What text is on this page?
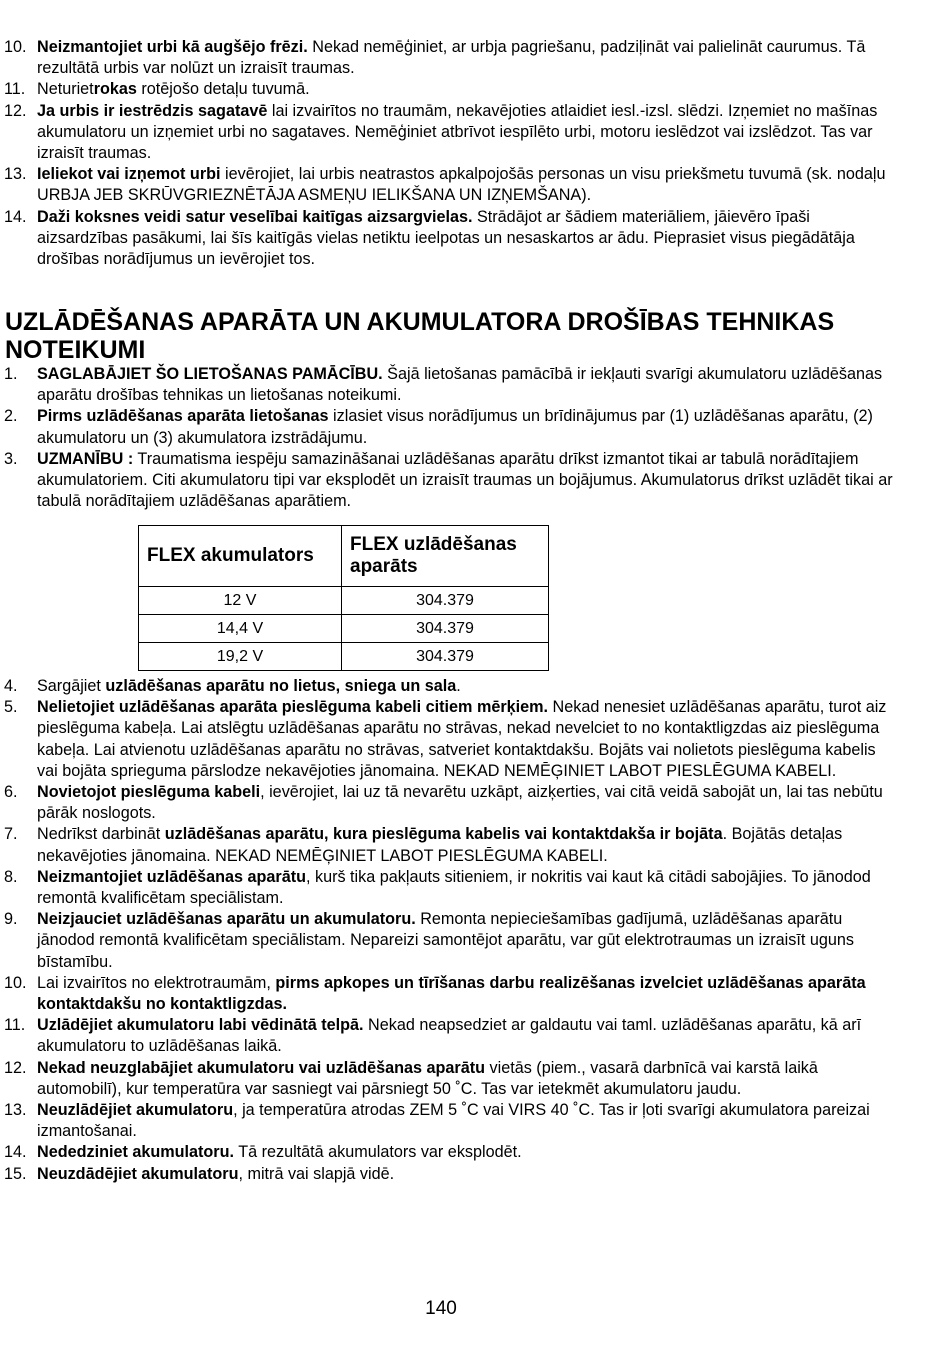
10. Neizmantojiet urbi kā augšējo frēzi. Nekad nemēģiniet, ar urbja pagriešanu, padziļināt vai palielināt caurumus. Tā rezultātā urbis var nolūzt un izraisīt traumas.
11. Neturietrokas rotējošo detaļu tuvumā.
12. Ja urbis ir iestrēdzis sagatavē lai izvairītos no traumām, nekavējoties atlaidiet iesl.-izsl. slēdzi. Izņemiet no mašīnas akumulatoru un izņemiet urbi no sagataves. Nemēģiniet atbrīvot iespīlēto urbi, motoru ieslēdzot vai izslēdzot. Tas var izraisīt traumas.
13. Ieliekot vai izņemot urbi ievērojiet, lai urbis neatrastos apkalpojošās personas un visu priekšmetu tuvumā (sk. nodaļu URBJA JEB SKRŪVGRIEZNĒTĀJA ASMEŅU IELIKŠANA UN IZŅEMŠANA).
14. Daži koksnes veidi satur veselībai kaitīgas aizsargvielas. Strādājot ar šādiem materiāliem, jāievēro īpaši aizsardzības pasākumi, lai šīs kaitīgās vielas netiktu ieelpotas un nesaskartos ar ādu. Pieprasiet visus piegādātāja drošības norādījumus un ievērojiet tos.
UZLĀDĒŠANAS APARĀTA UN AKUMULATORA DROŠĪBAS TEHNIKAS NOTEIKUMI
1. SAGLABĀJIET ŠO LIETOŠANAS PAMĀCĪBU. Šajā lietošanas pamācībā ir iekļauti svarīgi akumulatoru uzlādēšanas aparātu drošības tehnikas un lietošanas noteikumi.
2. Pirms uzlādēšanas aparāta lietošanas izlasiet visus norādījumus un brīdinājumus par (1) uzlādēšanas aparātu, (2) akumulatoru un (3) akumulatora izstrādājumu.
3. UZMANĪBU : Traumatisma iespēju samazināšanai uzlādēšanas aparātu drīkst izmantot tikai ar tabulā norādītajiem akumulatoriem. Citi akumulatoru tipi var eksplodēt un izraisīt traumas un bojājumus. Akumulatorus drīkst uzlādēt tikai ar tabulā norādītajiem uzlādēšanas aparātiem.
FLEX akumulators	FLEX uzlādēšanas aparāts
12 V	304.379
14,4 V	304.379
19,2 V	304.379
4. Sargājiet uzlādēšanas aparātu no lietus, sniega un sala.
5. Nelietojiet uzlādēšanas aparāta pieslēguma kabeli citiem mērķiem. Nekad nenesiet uzlādēšanas aparātu, turot aiz pieslēguma kabeļa. Lai atslēgtu uzlādēšanas aparātu no strāvas, nekad nevelciet to no kontaktligzdas aiz pieslēguma kabeļa. Lai atvienotu uzlādēšanas aparātu no strāvas, satveriet kontaktdakšu. Bojāts vai nolietots pieslēguma kabelis vai bojāta sprieguma pārslodze nekavējoties jānomaina. NEKAD NEMĒĢINIET LABOT PIESLĒGUMA KABELI.
6. Novietojot pieslēguma kabeli, ievērojiet, lai uz tā nevarētu uzkāpt, aizķerties, vai citā veidā sabojāt un, lai tas nebūtu pārāk noslogots.
7. Nedrīkst darbināt uzlādēšanas aparātu, kura pieslēguma kabelis vai kontaktdakša ir bojāta. Bojātās detaļas nekavējoties jānomaina. NEKAD NEMĒĢINIET LABOT PIESLĒGUMA KABELI.
8. Neizmantojiet uzlādēšanas aparātu, kurš tika pakļauts sitieniem, ir nokritis vai kaut kā citādi sabojājies. To jānodod remontā kvalificētam speciālistam.
9. Neizjauciet uzlādēšanas aparātu un akumulatoru. Remonta nepieciešamības gadījumā, uzlādēšanas aparātu jānodod remontā kvalificētam speciālistam. Nepareizi samontējot aparātu, var gūt elektrotraumas un izraisīt uguns bīstamību.
10. Lai izvairītos no elektrotraumām, pirms apkopes un tīrīšanas darbu realizēšanas izvelciet uzlādēšanas aparāta kontaktdakšu no kontaktligzdas.
11. Uzlādējiet akumulatoru labi vēdinātā telpā. Nekad neapsedziet ar galdautu vai taml. uzlādēšanas aparātu, kā arī akumulatoru to uzlādēšanas laikā.
12. Nekad neuzglabājiet akumulatoru vai uzlādēšanas aparātu vietās (piem., vasarā darbnīcā vai karstā laikā automobilī), kur temperatūra var sasniegt vai pārsniegt 50 ˚C. Tas var ietekmēt akumulatoru jaudu.
13. Neuzlādējiet akumulatoru, ja temperatūra atrodas ZEM 5 ˚C vai VIRS 40 ˚C. Tas ir ļoti svarīgi akumulatora pareizai izmantošanai.
14. Nededziniet akumulatoru. Tā rezultātā akumulators var eksplodēt.
15. Neuzdādējiet akumulatoru, mitrā vai slapjā vidē.
140
